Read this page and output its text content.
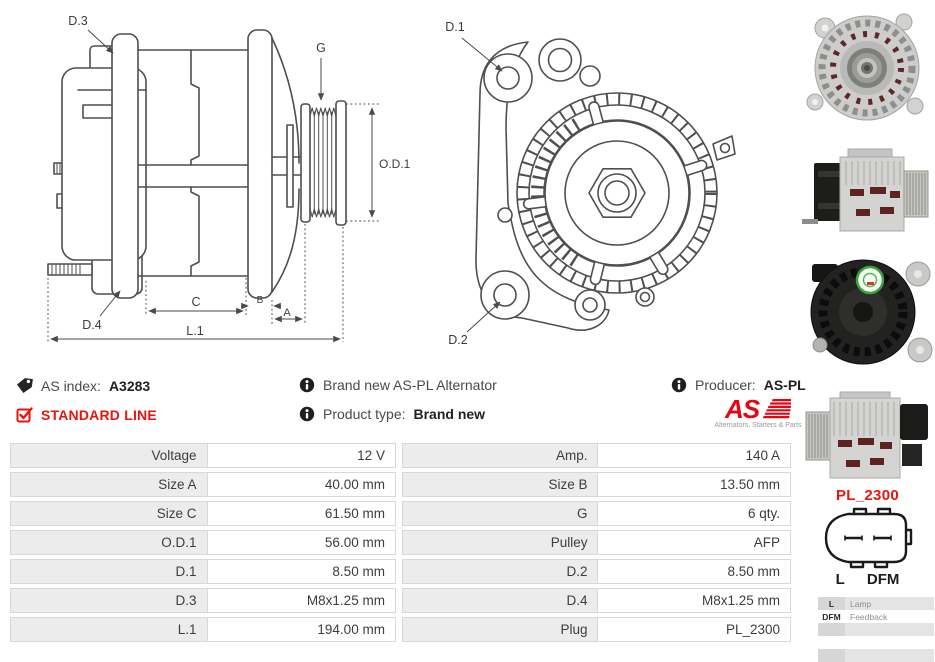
D.3
G
O.D.1
D.4
C	B
A
L.1
D.1
D.2
AS index: A3283
STANDARD LINE
Brand new AS-PL Alternator
Product type: Brand new
Producer: AS-PL
AS
Alternators, Starters & Parts
Voltage	12 V		Amp.	140 A
Size A	40.00 mm		Size B	13.50 mm
Size C	61.50 mm		G	6 qty.
O.D.1	56.00 mm		Pulley	AFP
D.1	8.50 mm		D.2	8.50 mm
D.3	M8x1.25 mm		D.4	M8x1.25 mm
L.1	194.00 mm		Plug	PL_2300
PL_2300
L DFM
L	Lamp
DFM	Feedback
